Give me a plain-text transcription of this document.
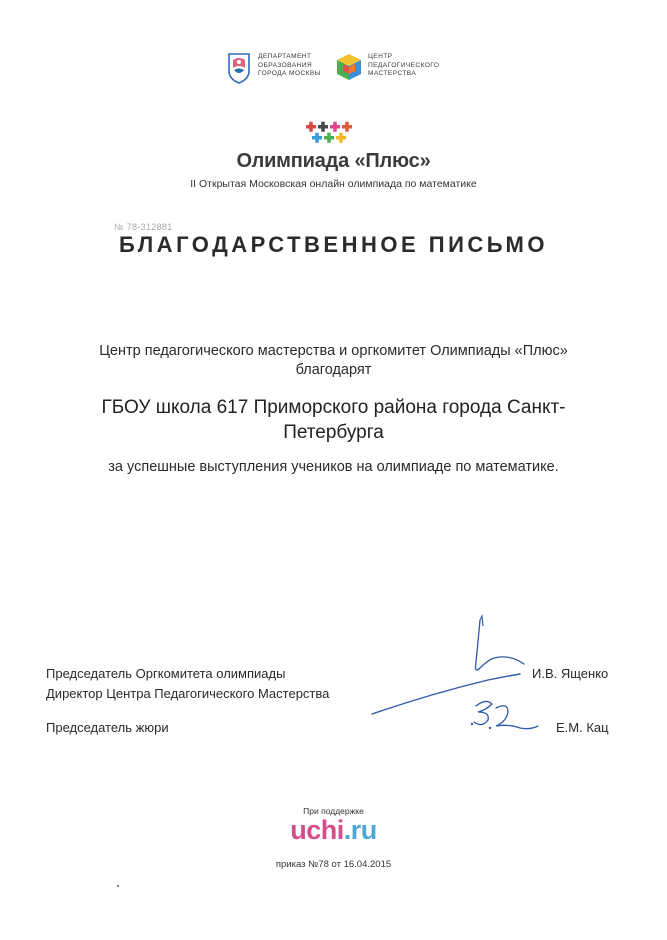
ДЕПАРТАМЕНТ
ОБРАЗОВАНИЯ
ГОРОДА МОСКВЫ
ЦЕНТР
ПЕДАГОГИЧЕСКОГО
МАСТЕРСТВА
Олимпиада «Плюс»
II Открытая Московская онлайн олимпиада по математике
№ 78-312881
БЛАГОДАРСТВЕННОЕ ПИСЬМО
Центр педагогического мастерства и оргкомитет Олимпиады «Плюс»
благодарят
ГБОУ школа 617 Приморского района города Санкт-
Петербурга
за успешные выступления учеников на олимпиаде по математике.
Председатель Оргкомитета олимпиады
Директор Центра Педагогического Мастерства
И.В. Ященко
Председатель жюри	Е.М. Кац
При поддержке
uchi.ru
приказ №78 от 16.04.2015
